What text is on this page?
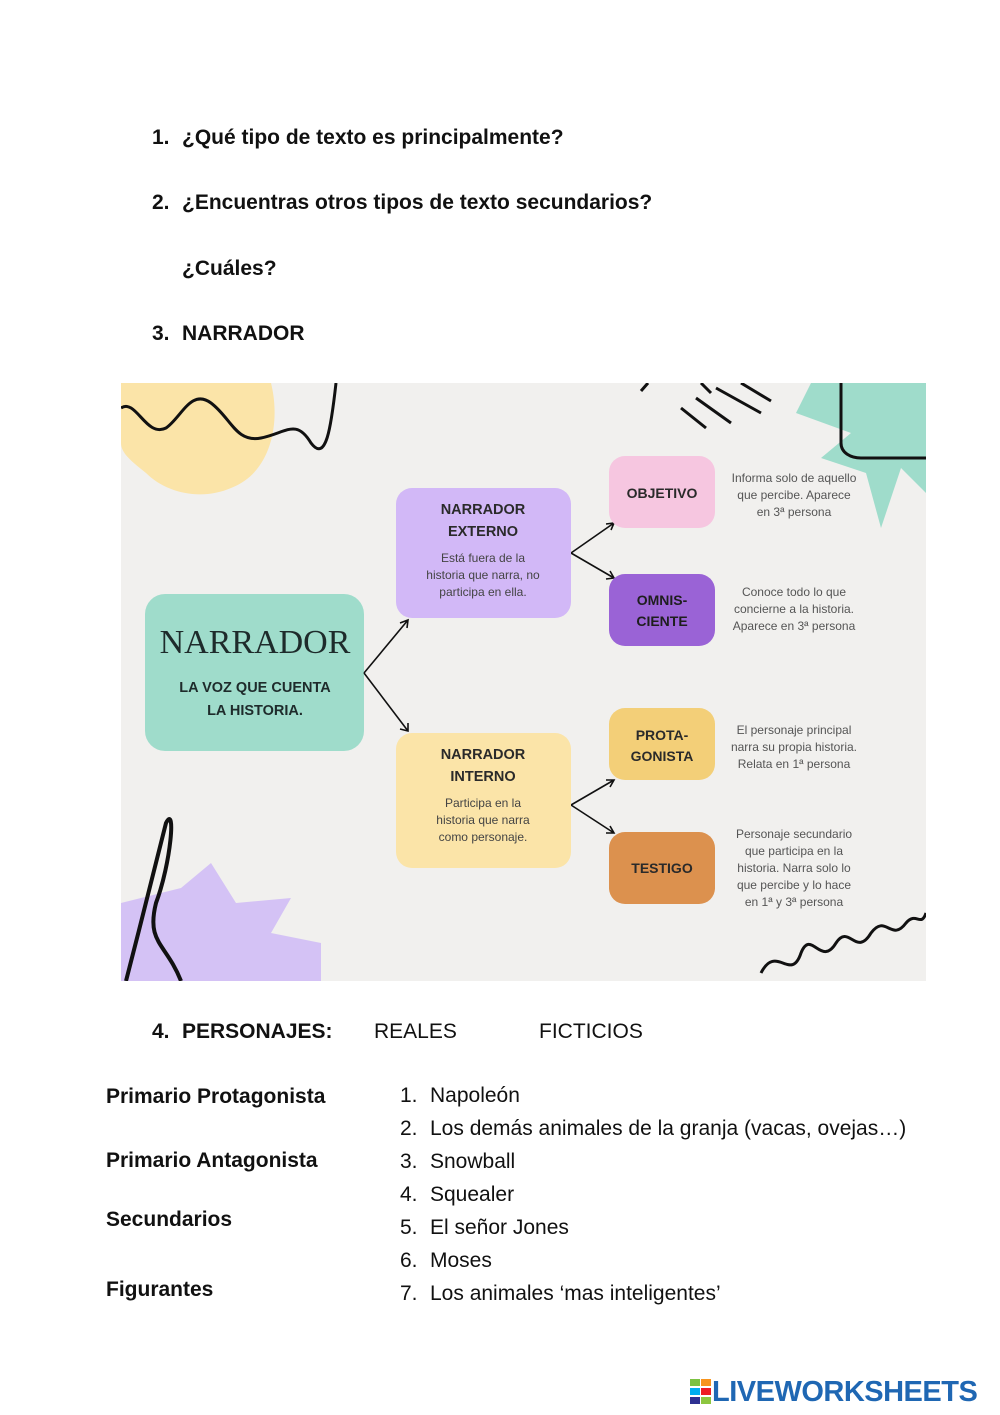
1. ¿Qué tipo de texto es principalmente?
2. ¿Encuentras otros tipos de texto secundarios?
¿Cuáles?
3. NARRADOR
NARRADOR
LA VOZ QUE CUENTA
LA HISTORIA.
NARRADOR
EXTERNO
Está fuera de la
historia que narra, no
participa en ella.
NARRADOR
INTERNO
Participa en la
historia que narra
como personaje.
OBJETIVO
Informa solo de aquello
que percibe. Aparece
en 3ª persona
OMNIS-
CIENTE
Conoce todo lo que
concierne a la historia.
Aparece en 3ª persona
PROTA-
GONISTA
El personaje principal
narra su propia historia.
Relata en 1ª persona
TESTIGO
Personaje secundario
que participa en la
historia. Narra solo lo
que percibe y lo hace
en 1ª y 3ª persona
4. PERSONAJES: REALES	FICTICIOS
Primario Protagonista
Primario Antagonista
Secundarios
Figurantes
1. Napoleón
2. Los demás animales de la granja (vacas, ovejas…)
3. Snowball
4. Squealer
5. El señor Jones
6. Moses
7. Los animales ‘mas inteligentes’
LIVEWORKSHEETS
